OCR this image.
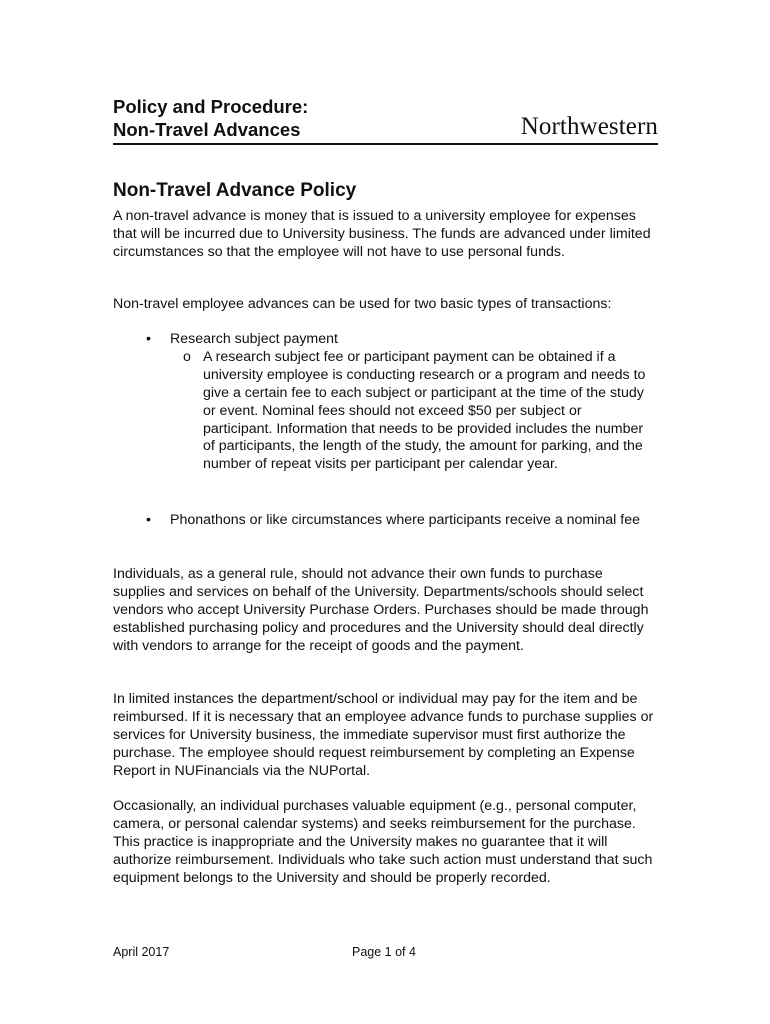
Policy and Procedure:
Non-Travel Advances	Northwestern
Non-Travel Advance Policy

A non-travel advance is money that is issued to a university employee for expenses that will be incurred due to University business. The funds are advanced under limited circumstances so that the employee will not have to use personal funds.

Non-travel employee advances can be used for two basic types of transactions:

• Research subject payment
o A research subject fee or participant payment can be obtained if a university employee is conducting research or a program and needs to give a certain fee to each subject or participant at the time of the study or event. Nominal fees should not exceed $50 per subject or participant. Information that needs to be provided includes the number of participants, the length of the study, the amount for parking, and the number of repeat visits per participant per calendar year.
• Phonathons or like circumstances where participants receive a nominal fee

Individuals, as a general rule, should not advance their own funds to purchase supplies and services on behalf of the University. Departments/schools should select vendors who accept University Purchase Orders. Purchases should be made through established purchasing policy and procedures and the University should deal directly with vendors to arrange for the receipt of goods and the payment.

In limited instances the department/school or individual may pay for the item and be reimbursed. If it is necessary that an employee advance funds to purchase supplies or services for University business, the immediate supervisor must first authorize the purchase. The employee should request reimbursement by completing an Expense Report in NUFinancials via the NUPortal.

Occasionally, an individual purchases valuable equipment (e.g., personal computer, camera, or personal calendar systems) and seeks reimbursement for the purchase. This practice is inappropriate and the University makes no guarantee that it will authorize reimbursement. Individuals who take such action must understand that such equipment belongs to the University and should be properly recorded.

April 2017	Page 1 of 4
